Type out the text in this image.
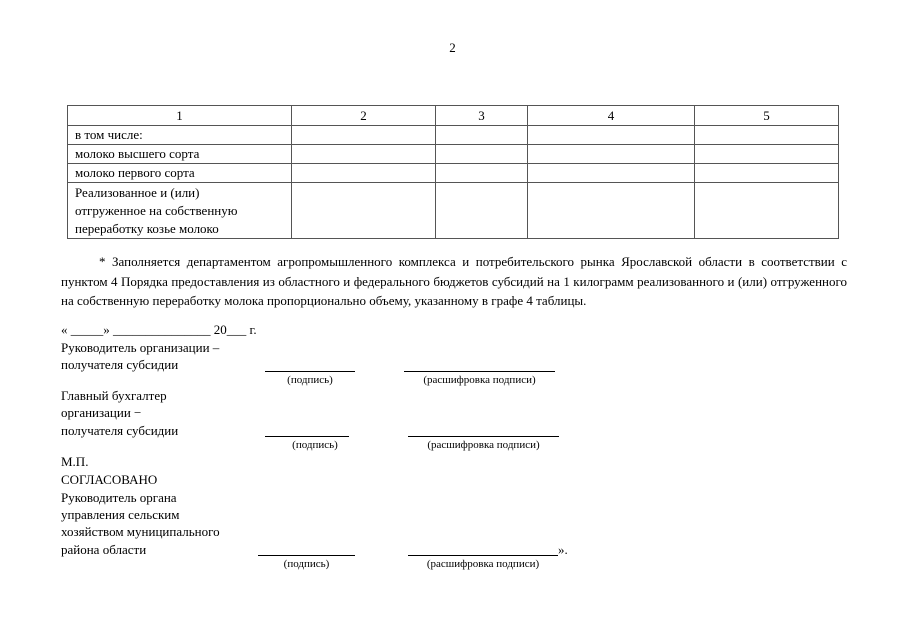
2
1	2	3	4	5
в том числе:				
молоко высшего сорта				
молоко первого сорта				

Реализованное и (или)
отгруженное на собственную
переработку козье молоко				

* Заполняется департаментом агропромышленного комплекса и потребительского рынка Ярославской области в соответствии с пунктом 4 Порядка предоставления из областного и федерального бюджетов субсидий на 1 килограмм реализованного и (или) отгруженного на собственную переработку молока пропорционально объему, указанному в графе 4 таблицы.

« _____» _______________ 20___ г.
Руководитель организации –
получателя субсидии
(подпись)	(расшифровка подписи)
Главный бухгалтер
организации −
получателя субсидии
(подпись)	(расшифровка подписи)
М.П.
СОГЛАСОВАНО
Руководитель органа
управления сельским
хозяйством муниципального
района области	».
(подпись)	(расшифровка подписи)
